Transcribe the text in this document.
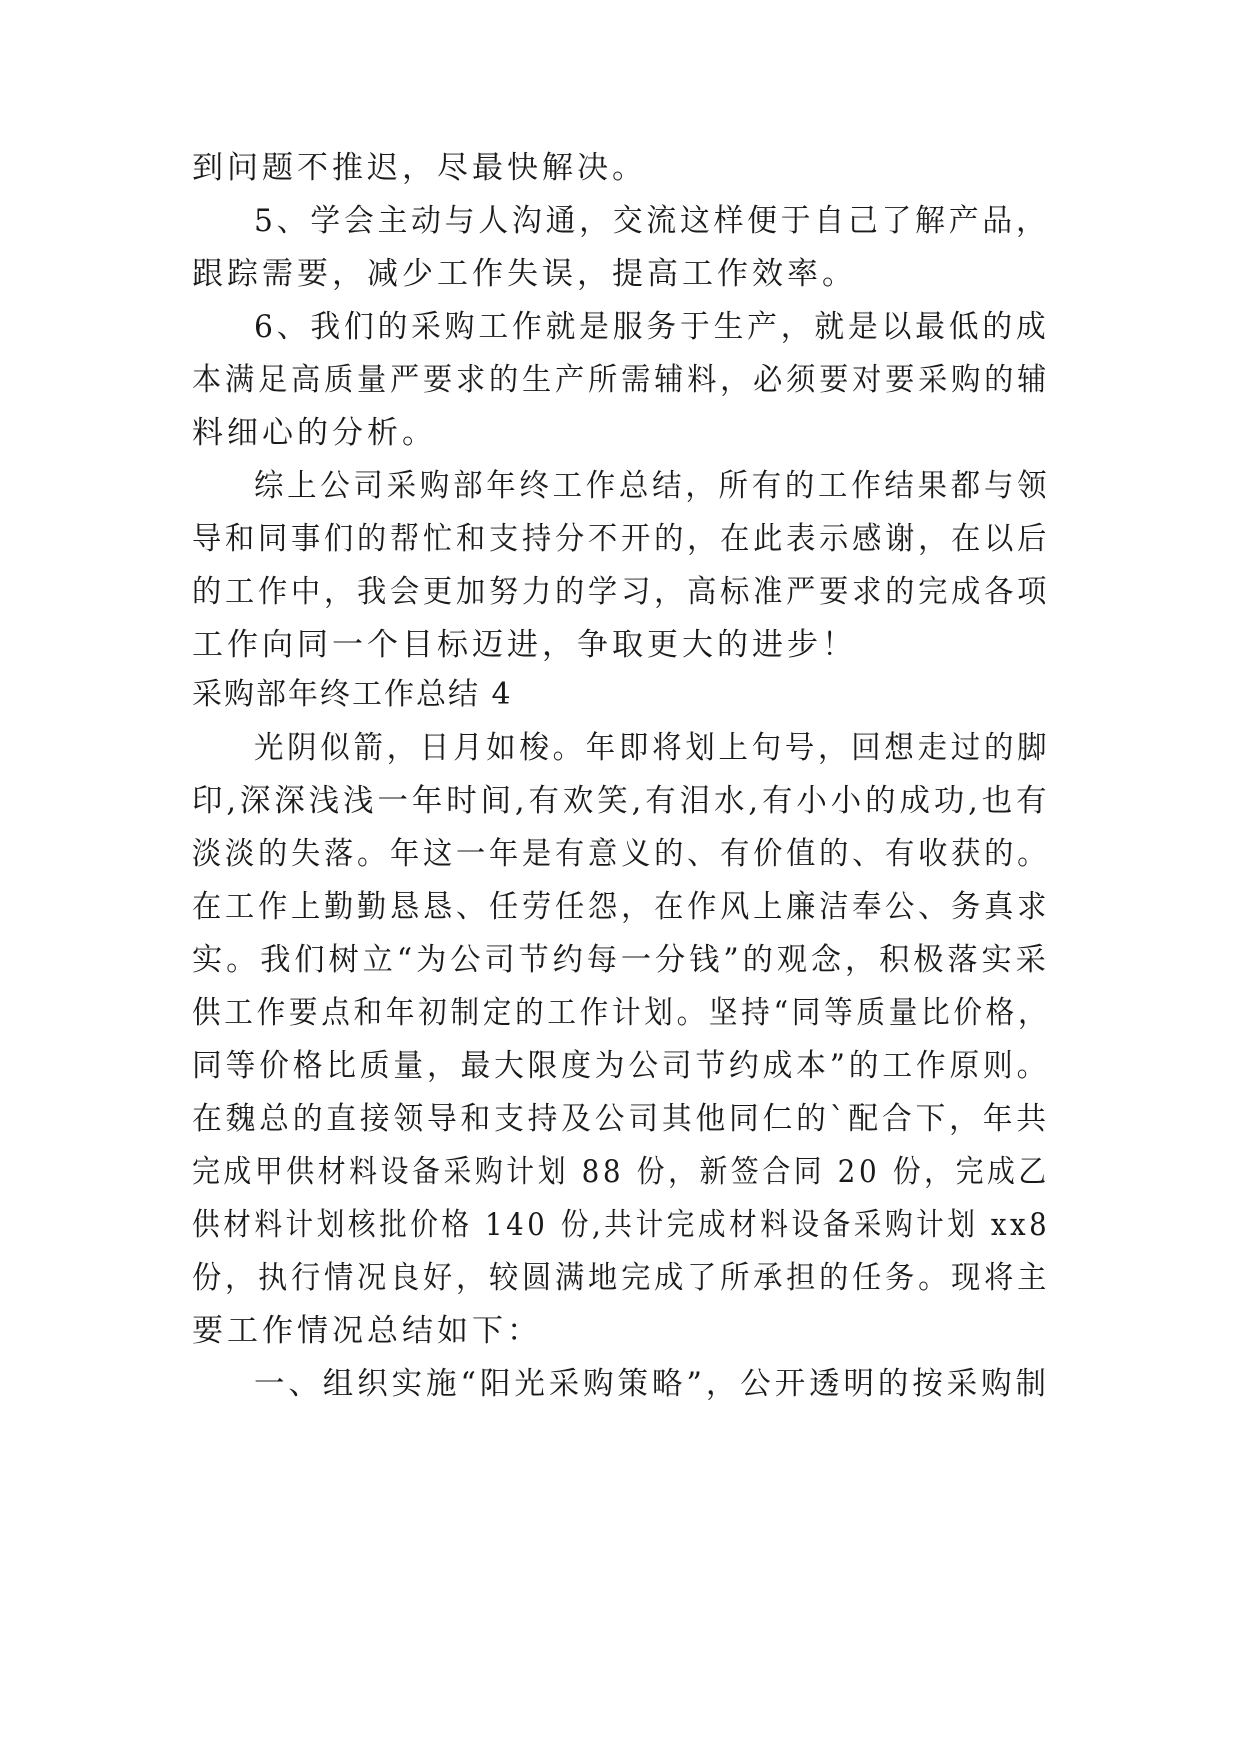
到问题不推迟，尽最快解决。
5、学会主动与人沟通，交流这样便于自己了解产品，
跟踪需要，减少工作失误，提高工作效率。
6、我们的采购工作就是服务于生产，就是以最低的成
本满足高质量严要求的生产所需辅料，必须要对要采购的辅
料细心的分析。
综上公司采购部年终工作总结，所有的工作结果都与领
导和同事们的帮忙和支持分不开的，在此表示感谢，在以后
的工作中，我会更加努力的学习，高标准严要求的完成各项
工作向同一个目标迈进，争取更大的进步！
采购部年终工作总结 4
光阴似箭，日月如梭。年即将划上句号，回想走过的脚
印,深深浅浅一年时间,有欢笑,有泪水,有小小的成功,也有
淡淡的失落。年这一年是有意义的、有价值的、有收获的。
在工作上勤勤恳恳、任劳任怨，在作风上廉洁奉公、务真求
实。我们树立“为公司节约每一分钱”的观念，积极落实采
供工作要点和年初制定的工作计划。坚持“同等质量比价格，
同等价格比质量，最大限度为公司节约成本”的工作原则。
在魏总的直接领导和支持及公司其他同仁的`配合下，年共
完成甲供材料设备采购计划 88 份，新签合同 20 份，完成乙
供材料计划核批价格 140 份,共计完成材料设备采购计划 xx8
份，执行情况良好，较圆满地完成了所承担的任务。现将主
要工作情况总结如下：
一、组织实施“阳光采购策略”，公开透明的按采购制
